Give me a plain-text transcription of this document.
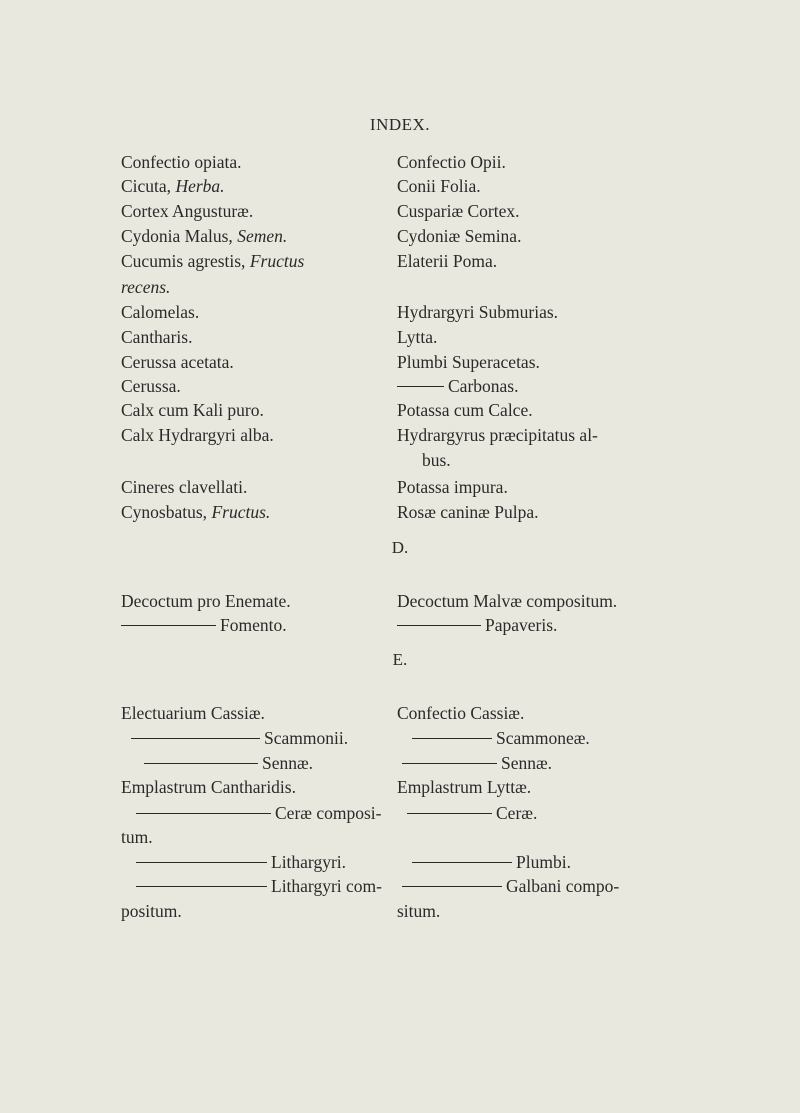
INDEX.
Confectio opiata.
Cicuta, Herba.
Cortex Angusturæ.
Cydonia Malus, Semen.
Cucumis agrestis, Fructus
recens.
Calomelas.
Cantharis.
Cerussa acetata.
Cerussa.
Calx cum Kali puro.
Calx Hydrargyri alba.
Cineres clavellati.
Cynosbatus, Fructus.
Confectio Opii.
Conii Folia.
Cuspariæ Cortex.
Cydoniæ Semina.
Elaterii Poma.
Hydrargyri Submurias.
Lytta.
Plumbi Superacetas.
Carbonas.
Potassa cum Calce.
Hydrargyrus præcipitatus al-
bus.
Potassa impura.
Rosæ caninæ Pulpa.
D.
Decoctum pro Enemate.
Fomento.
Decoctum Malvæ compositum.
Papaveris.
E.
Electuarium Cassiæ.
Scammonii.
Sennæ.
Emplastrum Cantharidis.
Ceræ composi-
tum.
Lithargyri.
Lithargyri com-
positum.
Confectio Cassiæ.
Scammoneæ.
Sennæ.
Emplastrum Lyttæ.
Ceræ.
Plumbi.
Galbani compo-
situm.
